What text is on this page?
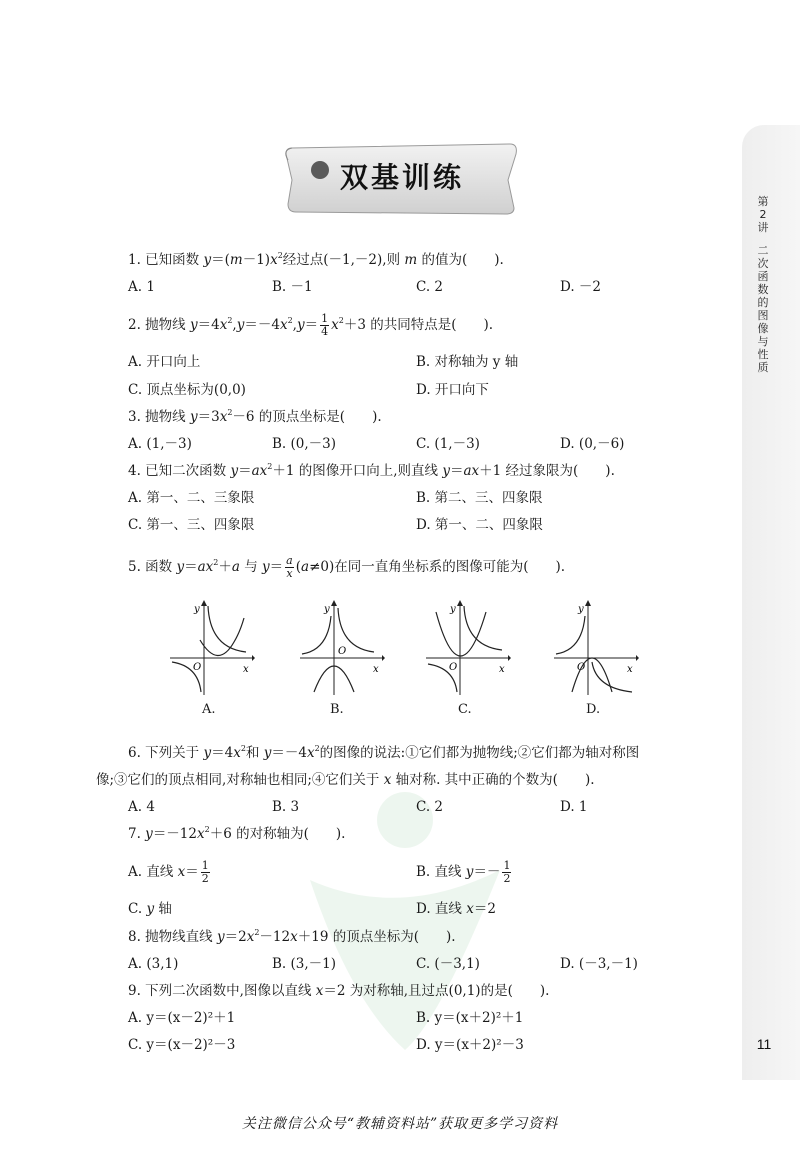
第2讲
二次函数的图像与性质
11
双基训练
1. 已知函数 $y=(m-1)x^2$经过点(－1,－2),则 m 的值为(　　).
A. 1	B. －1	C. 2	D. －2
2. 抛物线 $y=4x^2,y=-4x^2,y= \frac{1}{4} x^2+3$ 的共同特点是(　　).
A. 开口向上	B. 对称轴为 y 轴
C. 顶点坐标为(0,0)	D. 开口向下
3. 抛物线 $y=3x^2-6$ 的顶点坐标是(　　).
A. (1,－3)	B. (0,－3)	C. (1,－3)	D. (0,－6)
4. 已知二次函数 $y=ax^2+1$ 的图像开口向上,则直线 y＝ax＋1 经过象限为(　　).
A. 第一、二、三象限	B. 第二、三、四象限
C. 第一、三、四象限	D. 第一、二、四象限
5. 函数 $y=ax^2+a$ 与 $y= \frac{a}{x} (a\ne 0)$在同一直角坐标系的图像可能为(　　).
y
x
O
y
x
O
y
x
O
y
x
O
A.	B.	C.	D.
6. 下列关于 $y=4x^2$和 $y=-4x^2$的图像的说法:①它们都为抛物线;②它们都为轴对称图
像;③它们的顶点相同,对称轴也相同;④它们关于 x 轴对称. 其中正确的个数为(　　).
A. 4	B. 3	C. 2	D. 1
7. $y=-12x^2+6$ 的对称轴为(　　).
A. 直线 $x= \frac{1}{2}$	B. 直线 $y=- \frac{1}{2}$
C. y 轴	D. 直线 x＝2
8. 抛物线直线 $y=2x^2-12x+19$ 的顶点坐标为(　　).
A. (3,1)	B. (3,－1)	C. (－3,1)	D. (－3,－1)
9. 下列二次函数中,图像以直线 x＝2 为对称轴,且过点(0,1)的是(　　).
A. y＝(x－2)²＋1	B. y＝(x＋2)²＋1
C. y＝(x－2)²－3	D. y＝(x＋2)²－3
关注微信公众号“教辅资料站”获取更多学习资料
